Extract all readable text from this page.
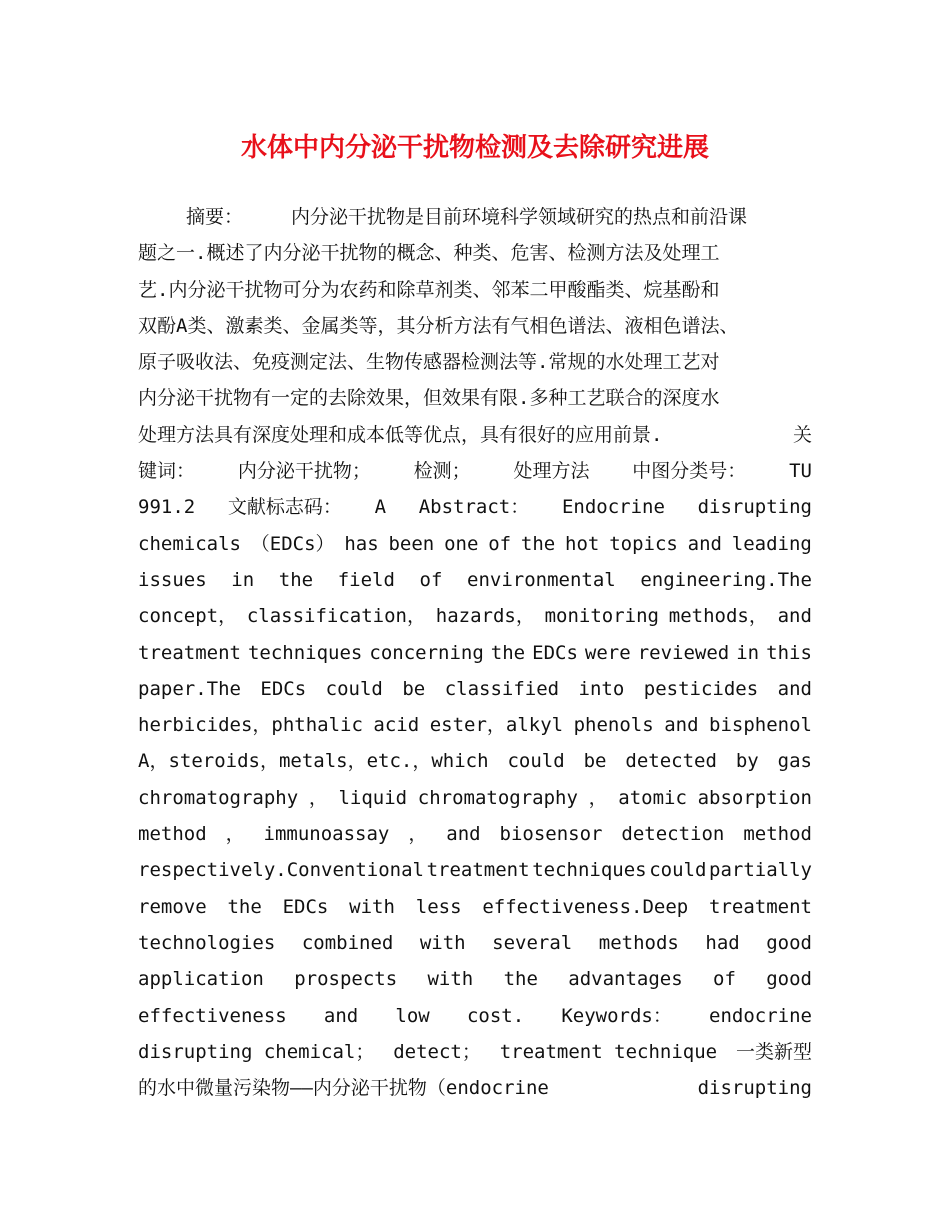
水体中内分泌干扰物检测及去除研究进展
摘要：	内分泌干扰物是目前环境科学领域研究的热点和前沿课
题之一.概述了内分泌干扰物的概念、种类、危害、检测方法及处理工
艺.内分泌干扰物可分为农药和除草剂类、邻苯二甲酸酯类、烷基酚和
双酚A类、激素类、金属类等，其分析方法有气相色谱法、液相色谱法、
原子吸收法、免疫测定法、生物传感器检测法等.常规的水处理工艺对
内分泌干扰物有一定的去除效果，但效果有限.多种工艺联合的深度水
处理方法具有深度处理和成本低等优点，具有很好的应用前景.	关
键词： 内分泌干扰物； 检测； 处理方法 中图分类号： TU
991.2 文献标志码： A Abstract： Endocrine disrupting
chemicals （EDCs） has been one of the hot topics and leading
issues in the field of environmental engineering.The
concept， classification， hazards， monitoring methods， and
treatment techniques concerning the EDCs were reviewed in this
paper.The EDCs could be classified into pesticides and
herbicides，phthalic acid ester，alkyl phenols and bisphenol
A，steroids，metals，etc.，which could be detected by gas
chromatography ， liquid chromatography ， atomic absorption
method ， immunoassay ， and biosensor detection method
respectively.Conventional treatment techniques could partially
remove the EDCs with less effectiveness.Deep treatment
technologies combined with several methods had good
application prospects with the advantages of good
effectiveness and low cost. Keywords： endocrine
disrupting chemical； detect； treatment technique 一类新型
的水中微量污染物——内分泌干扰物（endocrine	disrupting
